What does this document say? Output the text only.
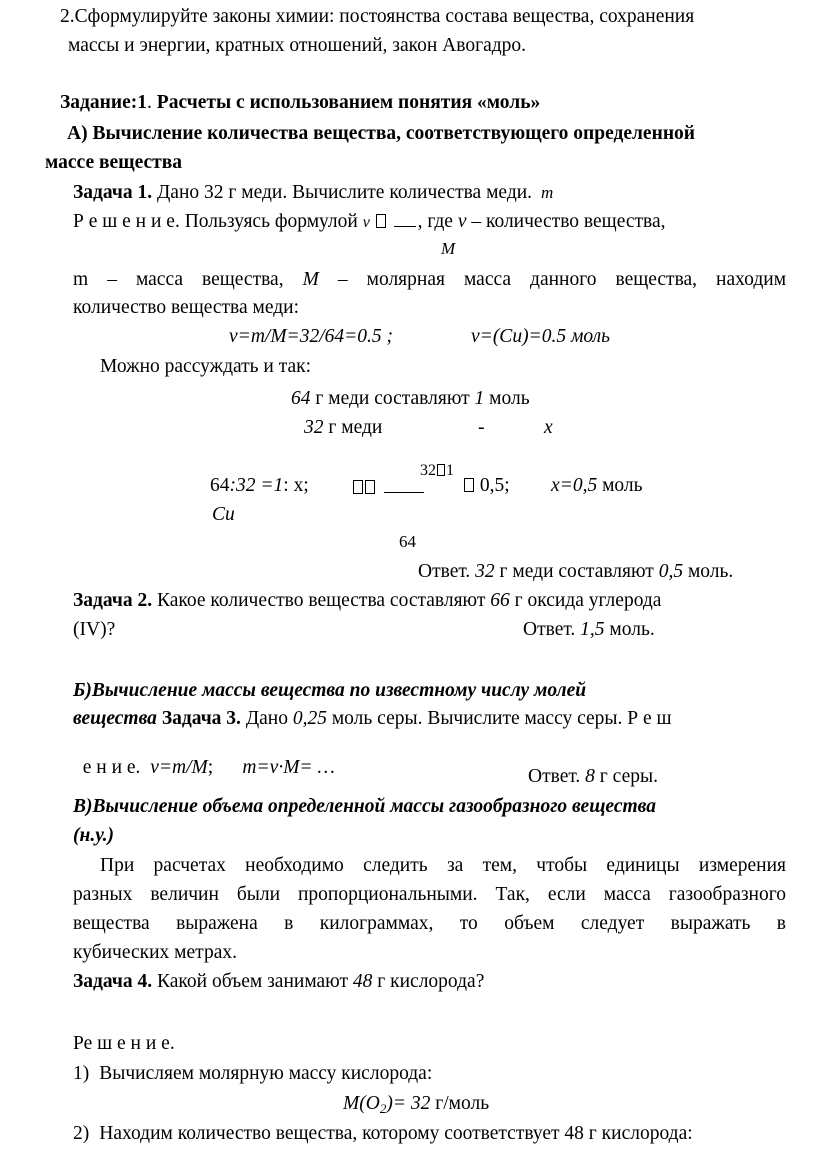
2.Сформулируйте законы химии: постоянства состава вещества, сохранения
массы и энергии, кратных отношений, закон Авогадро.
Задание:1. Расчеты с использованием понятия «моль»
А) Вычисление количества вещества, соответствующего определенной
массе вещества
Задача 1. Дано 32 г меди. Вычислите количества меди. m
Р е ш е н и е. Пользуясь формулой ν , где ν – количество вещества,
M
m – масса вещества, M – молярная масса данного вещества, находим
количество вещества меди:
ν=m/M=32/64=0.5 ;	ν=(Cu)=0.5 моль
Можно рассуждать и так:
64 г меди составляют 1 моль
32 г меди	-	x
64:32 =1: x;

32 1
0,5; x=0,5 моль
Cu
64
Ответ. 32 г меди составляют 0,5 моль.
Задача 2. Какое количество вещества составляют 66 г оксида углерода
(IV)?	Ответ. 1,5 моль.
Б)Вычисление массы вещества по известному числу молей
вещества Задача 3. Дано 0,25 моль серы. Вычислите массу серы. Р е ш

е н и е.  ν=m/M;      m=ν·M= …	Ответ. 8 г серы.
В)Вычисление объема определенной массы газообразного вещества
(н.у.)
При расчетах необходимо следить за тем, чтобы единицы измерения
разных величин были пропорциональными. Так, если масса газообразного
вещества выражена в килограммах, то объем следует выражать в
кубических метрах.
Задача 4. Какой объем занимают 48 г кислорода?
Ре ш е н и е.
1) Вычисляем молярную массу кислорода:
$M(O_2)= 32$ г/моль
2) Находим количество вещества, которому соответствует 48 г кислорода:
